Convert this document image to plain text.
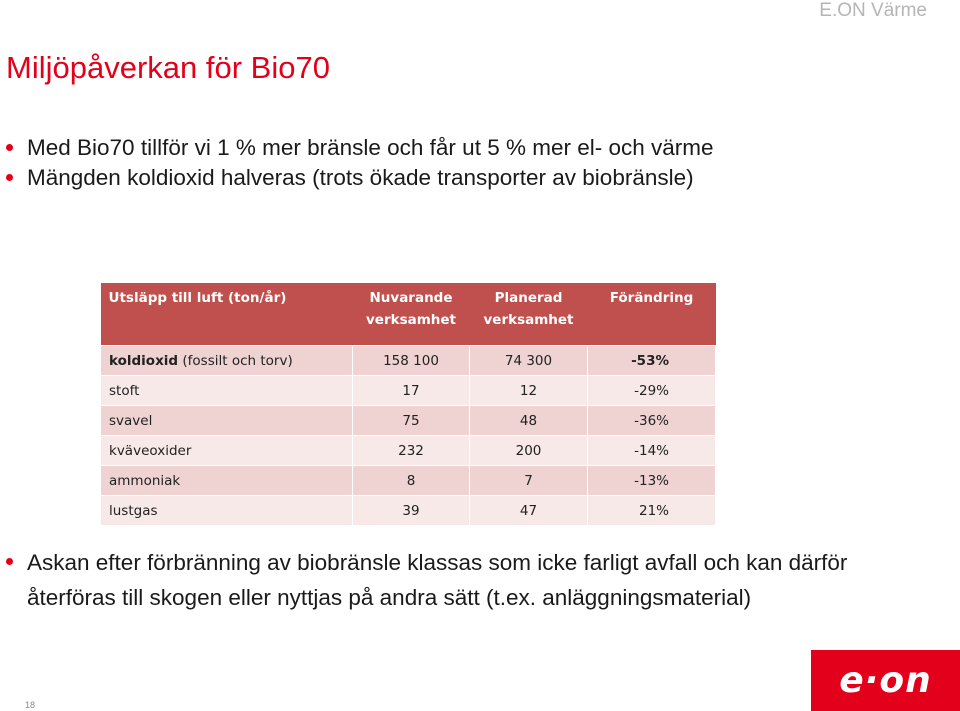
E.ON Värme
Miljöpåverkan för Bio70
Med Bio70 tillför vi 1 % mer bränsle och får ut 5 % mer el- och värme
Mängden koldioxid halveras (trots ökade transporter av biobränsle)
Utsläpp till luft (ton/år)	Nuvarande verksamhet	Planerad verksamhet	Förändring
koldioxid (fossilt och torv)	158 100	74 300	-53%
stoft	17	12	-29%
svavel	75	48	-36%
kväveoxider	232	200	-14%
ammoniak	8	7	-13%
lustgas	39	47	21%
Askan efter förbränning av biobränsle klassas som icke farligt avfall och kan därför återföras till skogen eller nyttjas på andra sätt (t.ex. anläggningsmaterial)
18
e·on
